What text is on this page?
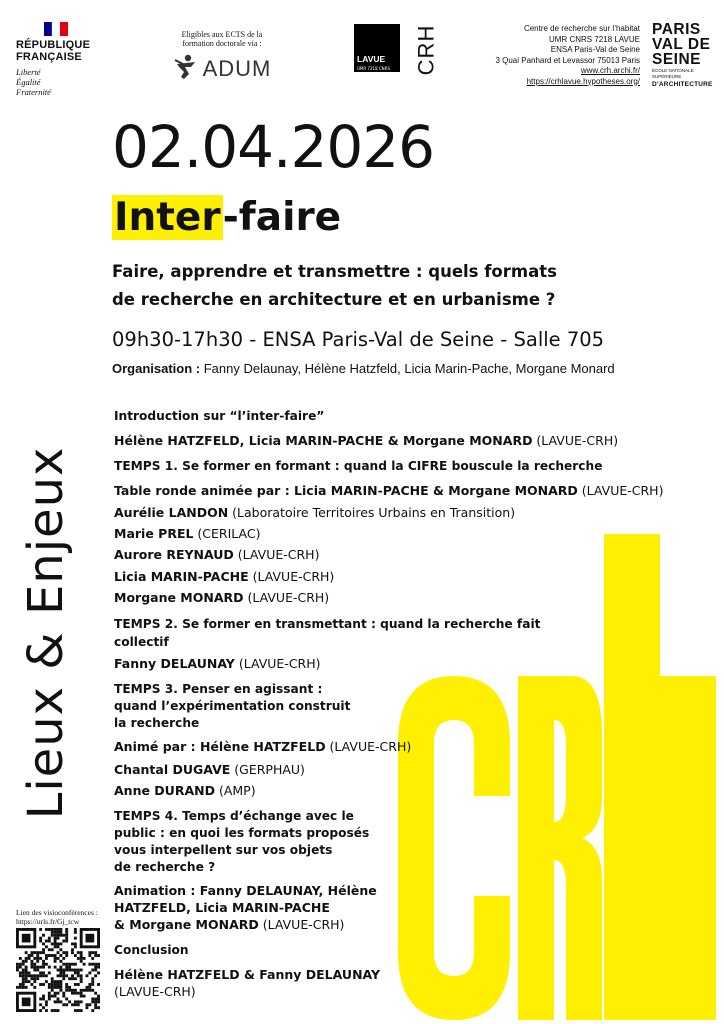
RÉPUBLIQUE
FRANÇAISE
Liberté
Égalité
Fraternité
Eligibles aux ECTS de la
formation doctorale via :
ADUM	LAVUE
UMR 7218 CNRS CRH	Centre de recherche sur l’habitat
UMR CNRS 7218 LAVUE
ENSA Paris-Val de Seine
3 Quai Panhard et Levassor 75013 Paris
www.crh.archi.fr/
https://crhlavue.hypotheses.org/
PARIS
VAL DE
SEINE
ÉCOLE NATIONALE SUPÉRIEURE
D’ARCHITECTURE
02.04.2026
Inter-faire
Faire, apprendre et transmettre : quels formats
de recherche en architecture et en urbanisme ?
09h30-17h30 - ENSA Paris-Val de Seine - Salle 705
Organisation : Fanny Delaunay, Hélène Hatzfeld, Licia Marin-Pache, Morgane Monard
Lieux & Enjeux
Lien des visioconférences :
https://urls.fr/Gj_tcw

Introduction sur “l’inter-faire”

Hélène HATZFELD, Licia MARIN-PACHE & Morgane MONARD (LAVUE-CRH)

TEMPS 1. Se former en formant : quand la CIFRE bouscule la recherche

Table ronde animée par : Licia MARIN-PACHE & Morgane MONARD (LAVUE-CRH)

Aurélie LANDON (Laboratoire Territoires Urbains en Transition)

Marie PREL (CERILAC)

Aurore REYNAUD (LAVUE-CRH)

Licia MARIN-PACHE (LAVUE-CRH)

Morgane MONARD (LAVUE-CRH)

TEMPS 2. Se former en transmettant : quand la recherche fait

collectif

Fanny DELAUNAY (LAVUE-CRH)

TEMPS 3. Penser en agissant :

quand l’expérimentation construit

la recherche

Animé par : Hélène HATZFELD (LAVUE-CRH)

Chantal DUGAVE (GERPHAU)

Anne DURAND (AMP)

TEMPS 4. Temps d’échange avec le

public : en quoi les formats proposés

vous interpellent sur vos objets

de recherche ?

Animation : Fanny DELAUNAY, Hélène

HATZFELD, Licia MARIN-PACHE

& Morgane MONARD (LAVUE-CRH)

Conclusion

Hélène HATZFELD & Fanny DELAUNAY

(LAVUE-CRH)
